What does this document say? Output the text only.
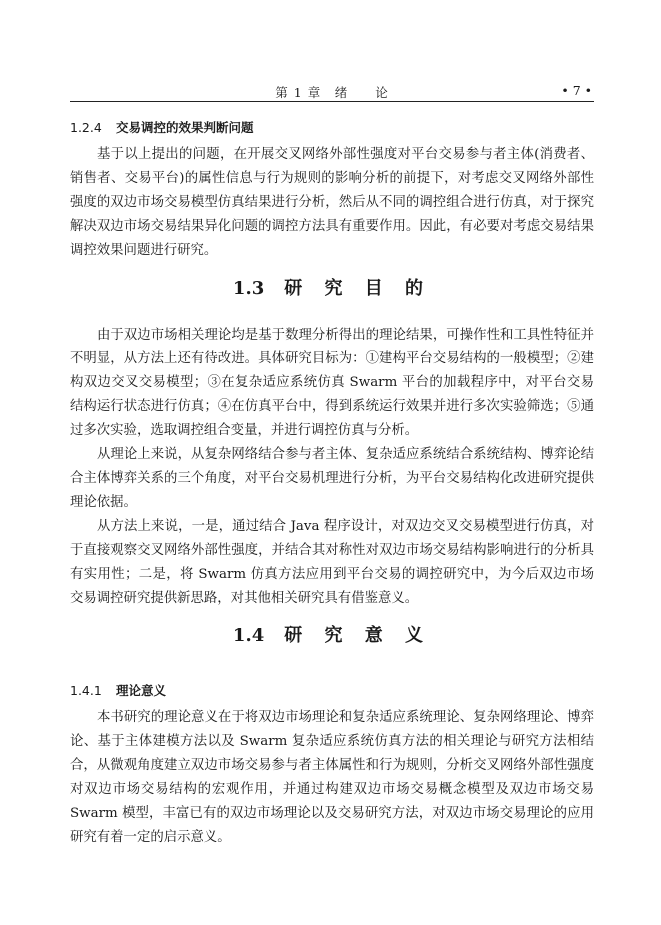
第 1 章　绪　　论	• 7 •
1.2.4 交易调控的效果判断问题

基于以上提出的问题，在开展交叉网络外部性强度对平台交易参与者主体(消费者、销售者、交易平台)的属性信息与行为规则的影响分析的前提下，对考虑交叉网络外部性强度的双边市场交易模型仿真结果进行分析，然后从不同的调控组合进行仿真，对于探究解决双边市场交易结果异化问题的调控方法具有重要作用。因此，有必要对考虑交易结果调控效果问题进行研究。

1.3 研 究 目 的

由于双边市场相关理论均是基于数理分析得出的理论结果，可操作性和工具性特征并不明显，从方法上还有待改进。具体研究目标为：①建构平台交易结构的一般模型；②建构双边交叉交易模型；③在复杂适应系统仿真 Swarm 平台的加载程序中，对平台交易结构运行状态进行仿真；④在仿真平台中，得到系统运行效果并进行多次实验筛选；⑤通过多次实验，选取调控组合变量，并进行调控仿真与分析。

从理论上来说，从复杂网络结合参与者主体、复杂适应系统结合系统结构、博弈论结合主体博弈关系的三个角度，对平台交易机理进行分析，为平台交易结构化改进研究提供理论依据。

从方法上来说，一是，通过结合 Java 程序设计，对双边交叉交易模型进行仿真，对于直接观察交叉网络外部性强度，并结合其对称性对双边市场交易结构影响进行的分析具有实用性；二是，将 Swarm 仿真方法应用到平台交易的调控研究中，为今后双边市场交易调控研究提供新思路，对其他相关研究具有借鉴意义。

1.4 研 究 意 义
1.4.1 理论意义

本书研究的理论意义在于将双边市场理论和复杂适应系统理论、复杂网络理论、博弈论、基于主体建模方法以及 Swarm 复杂适应系统仿真方法的相关理论与研究方法相结合，从微观角度建立双边市场交易参与者主体属性和行为规则，分析交叉网络外部性强度对双边市场交易结构的宏观作用，并通过构建双边市场交易概念模型及双边市场交易 Swarm 模型，丰富已有的双边市场理论以及交易研究方法，对双边市场交易理论的应用研究有着一定的启示意义。
